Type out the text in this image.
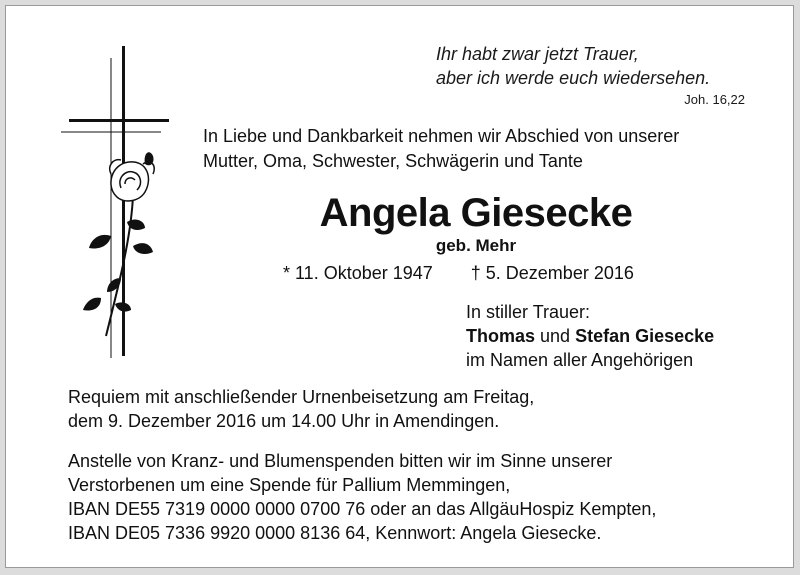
Ihr habt zwar jetzt Trauer,
aber ich werde euch wiedersehen.
Joh. 16,22
In Liebe und Dankbarkeit nehmen wir Abschied von unserer
Mutter, Oma, Schwester, Schwägerin und Tante
Angela Giesecke
geb. Mehr
* 11. Oktober 1947 † 5. Dezember 2016
In stiller Trauer:
Thomas und Stefan Giesecke
im Namen aller Angehörigen
Requiem mit anschließender Urnenbeisetzung am Freitag,
dem 9. Dezember 2016 um 14.00 Uhr in Amendingen.
Anstelle von Kranz- und Blumenspenden bitten wir im Sinne unserer
Verstorbenen um eine Spende für Pallium Memmingen,
IBAN DE55 7319 0000 0000 0700 76 oder an das AllgäuHospiz Kempten,
IBAN DE05 7336 9920 0000 8136 64, Kennwort: Angela Giesecke.
